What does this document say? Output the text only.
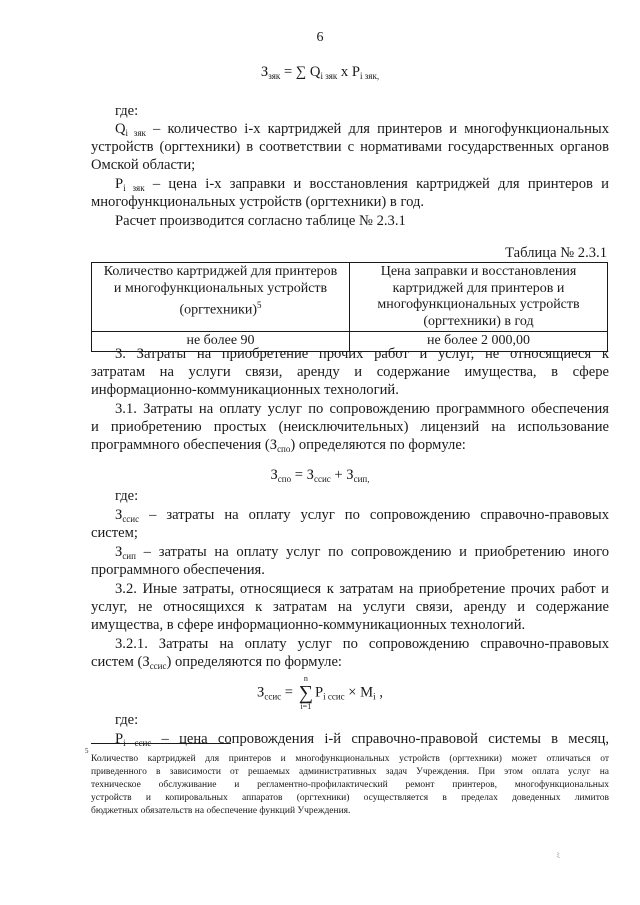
6
$З_{зяк}$ = ∑ $Q_{i зяк}$ x $P_{i зяк,}$
где:
$Q_{i зяк}$ – количество i-х картриджей для принтеров и многофункциональных
устройств (оргтехники) в соответствии с нормативами государственных органов
Омской области;
$P_{i зяк}$ – цена i-х заправки и восстановления картриджей для принтеров и
многофункциональных устройств (оргтехники) в год.
Расчет производится согласно таблице № 2.3.1
Таблица № 2.3.1
Количество картриджей для принтеров
и многофункциональных устройств
(оргтехники)$^5$	Цена заправки и восстановления
картриджей для принтеров и
многофункциональных устройств
(оргтехники) в год
не более 90	не более 2 000,00
3. Затраты на приобретение прочих работ и услуг, не относящиеся к
затратам на услуги связи, аренду и содержание имущества, в сфере
информационно-коммуникационных технологий.
3.1. Затраты на оплату услуг по сопровождению программного обеспечения
и приобретению простых (неисключительных) лицензий на использование
программного обеспечения $(З_{спо})$ определяются по формуле:
$З_{спо} = З_{ссис} + З_{сип,}$
где:
$З_{ссис}$ – затраты на оплату услуг по сопровождению справочно-правовых
систем;
$З_{сип}$ – затраты на оплату услуг по сопровождению и приобретению иного
программного обеспечения.
3.2. Иные затраты, относящиеся к затратам на приобретение прочих работ и
услуг, не относящихся к затратам на услуги связи, аренду и содержание
имущества, в сфере информационно-коммуникационных технологий.
3.2.1. Затраты на оплату услуг по сопровождению справочно-правовых
систем $(З_{ссис})$ определяются по формуле:
$З_{ссис} = n$
∑
$i=1P_{i ссис} \times M_i$ ,
где:
$P_{i ссис}$ – цена сопровождения i-й справочно-правовой системы в месяц,
5
Количество картриджей для принтеров и многофункциональных устройств (оргтехники) может отличаться от
приведенного в зависимости от решаемых административных задач Учреждения. При этом оплата услуг на
техническое обслуживание и регламентно-профилактический ремонт принтеров, многофункциональных
устройств и копировальных аппаратов (оргтехники) осуществляется в пределах доведенных лимитов
бюджетных обязательств на обеспечение функций Учреждения.
ﾐ
